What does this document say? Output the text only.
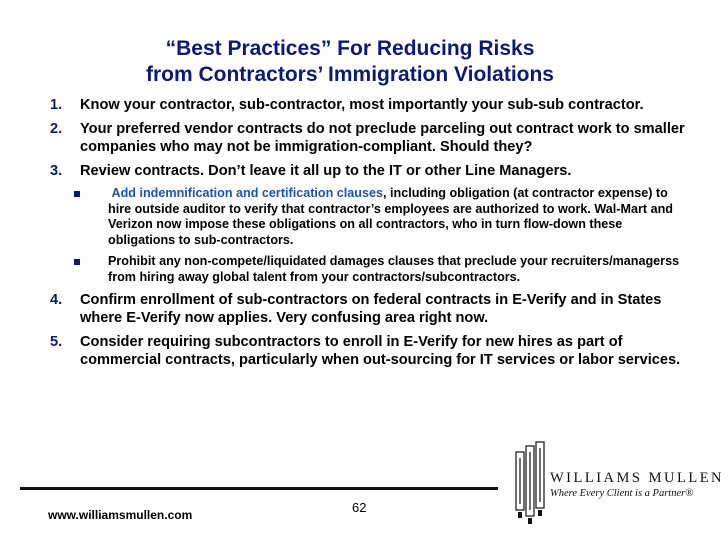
“Best Practices” For Reducing Risks
from Contractors’ Immigration Violations
1. Know your contractor, sub-contractor, most importantly your sub-sub contractor.
2. Your preferred vendor contracts do not preclude parceling out contract work to smaller companies who may not be immigration-compliant. Should they?
3. Review contracts. Don’t leave it all up to the IT or other Line Managers.
Add indemnification and certification clauses, including obligation (at contractor expense) to hire outside auditor to verify that contractor’s employees are authorized to work. Wal-Mart and Verizon now impose these obligations on all contractors, who in turn flow-down these obligations to sub-contractors.
Prohibit any non-compete/liquidated damages clauses that preclude your recruiters/managerss from hiring away global talent from your contractors/subcontractors.
4. Confirm enrollment of sub-contractors on federal contracts in E-Verify and in States where E-Verify now applies. Very confusing area right now.
5. Consider requiring subcontractors to enroll in E-Verify for new hires as part of commercial contracts, particularly when out-sourcing for IT services or labor services.
www.williamsmullen.com	62
WILLIAMS MULLEN
Where Every Client is a Partner®
